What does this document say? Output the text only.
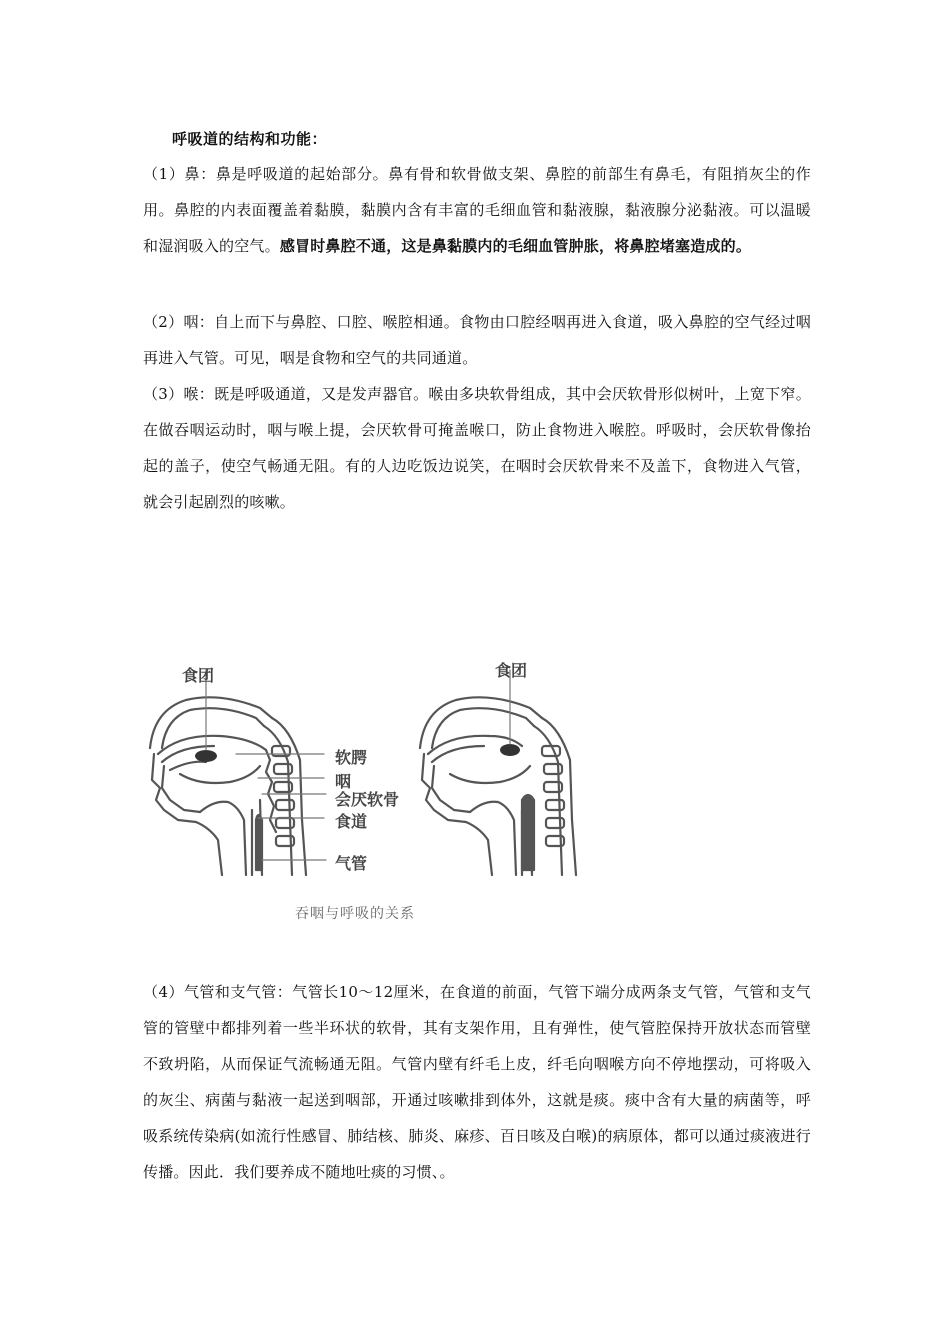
呼吸道的结构和功能：
（1）鼻：鼻是呼吸道的起始部分。鼻有骨和软骨做支架、鼻腔的前部生有鼻毛，有阻捎灰尘的作用。鼻腔的内表面覆盖着黏膜，黏膜内含有丰富的毛细血管和黏液腺，黏液腺分泌黏液。可以温暖和湿润吸入的空气。感冒时鼻腔不通，这是鼻黏膜内的毛细血管肿胀，将鼻腔堵塞造成的。
（2）咽：自上而下与鼻腔、口腔、喉腔相通。食物由口腔经咽再进入食道，吸入鼻腔的空气经过咽再进入气管。可见，咽是食物和空气的共同通道。
（3）喉：既是呼吸通道，又是发声器官。喉由多块软骨组成，其中会厌软骨形似树叶，上宽下窄。在做吞咽运动时，咽与喉上提，会厌软骨可掩盖喉口，防止食物进入喉腔。呼吸时，会厌软骨像抬起的盖子，使空气畅通无阻。有的人边吃饭边说笑，在咽时会厌软骨来不及盖下，食物进入气管，就会引起剧烈的咳嗽。
食团	食团
软腭
咽
会厌软骨
食道
气管
吞咽与呼吸的关系
（4）气管和支气管：气管长10～12厘米，在食道的前面，气管下端分成两条支气管，气管和支气管的管壁中都排列着一些半环状的软骨，其有支架作用，且有弹性，使气管腔保持开放状态而管壁不致坍陷，从而保证气流畅通无阻。气管内壁有纤毛上皮，纤毛向咽喉方向不停地摆动，可将吸入的灰尘、病菌与黏液一起送到咽部，开通过咳嗽排到体外，这就是痰。痰中含有大量的病菌等，呼吸系统传染病(如流行性感冒、肺结核、肺炎、麻疹、百日咳及白喉)的病原体，都可以通过痰液进行传播。因此．我们要养成不随地吐痰的习惯、。
